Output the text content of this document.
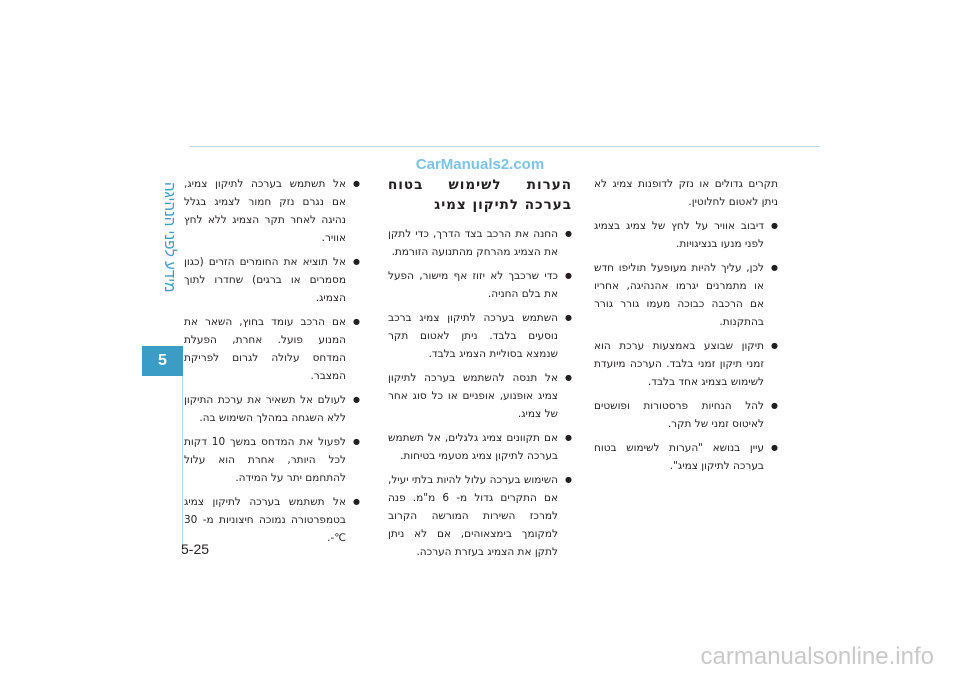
CarManuals2.com
מידע לפני הנהיגה
5
5-25

תקרים גדולים או נזק לדופנות צמיג לא ניתן לאטום לחלוטין.

● דיבוב אוויר על לחץ של צמיג בצמיג לפני מנעו בנציגויות.
● לכן, עליך להיות מעופעל תוליפו חדש או מתמרנים יגרמו אהנהיגה, אחריו אם הרכבה כבוכה מעמו גורר גורר בהתקנות.
● תיקון שבוצע באמצעות ערכת הוא זמני תיקון זמני בלבד. הערכה מיועדת לשימוש בצמיג אחד בלבד.
● להל הנחיות פרסטורות ופושטים לאיטוס זמני של תקר.
● עיין בנושא "הערות לשימוש בטוח בערכה לתיקון צמיג".
הערות לשימוש בטוח בערכה לתיקון צמיג
● החנה את הרכב בצד הדרך, כדי לתקן את הצמיג מהרחק מהתנועה הזורמת.
● כדי שרכבך לא יזוז אף מישור, הפעל את בלם החניה.
● השתמש בערכה לתיקון צמיג ברכב נוסעים בלבד. ניתן לאטום תקר שנמצא בסוליית הצמיג בלבד.
● אל תנסה להשתמש בערכה לתיקון צמיג אופנוע, אופניים או כל סוג אחר של צמיג.
● אם תקוונים צמיג גלגלים, אל תשתמש בערכה לתיקון צמיג מטעמי בטיחות.
● השימוש בערכה עלול להיות בלתי יעיל, אם התקרים גדול מ- 6 מ"מ. פנה למרכז השירות המורשה הקרוב למקומך בימצאוהים, אם לא ניתן לתקן את הצמיג בעזרת הערכה.
● אל תשתמש בערכה לתיקון צמיג, אם נגרם נזק חמור לצמיג בגלל נהיגה לאחר תקר הצמיג ללא לחץ אוויר.
● אל תוציא את החומרים הזרים (כגון מסמרים או ברגים) שחדרו לתוך הצמיג.
● אם הרכב עומד בחוץ, השאר את המנוע פועל. אחרת, הפעלת המדחס עלולה לגרום לפריקת המצבר.
● לעולם אל תשאיר את ערכת התיקון ללא השגחה במהלך השימוש בה.
● לפעול את המדחס במשך 10 דקות לכל היותר, אחרת הוא עלול להתחמם יתר על המידה.
● אל תשתמש בערכה לתיקון צמיג בטמפרטורה נמוכה חיצוניות מ- 30 ℃-.
carmanualsonline.info
